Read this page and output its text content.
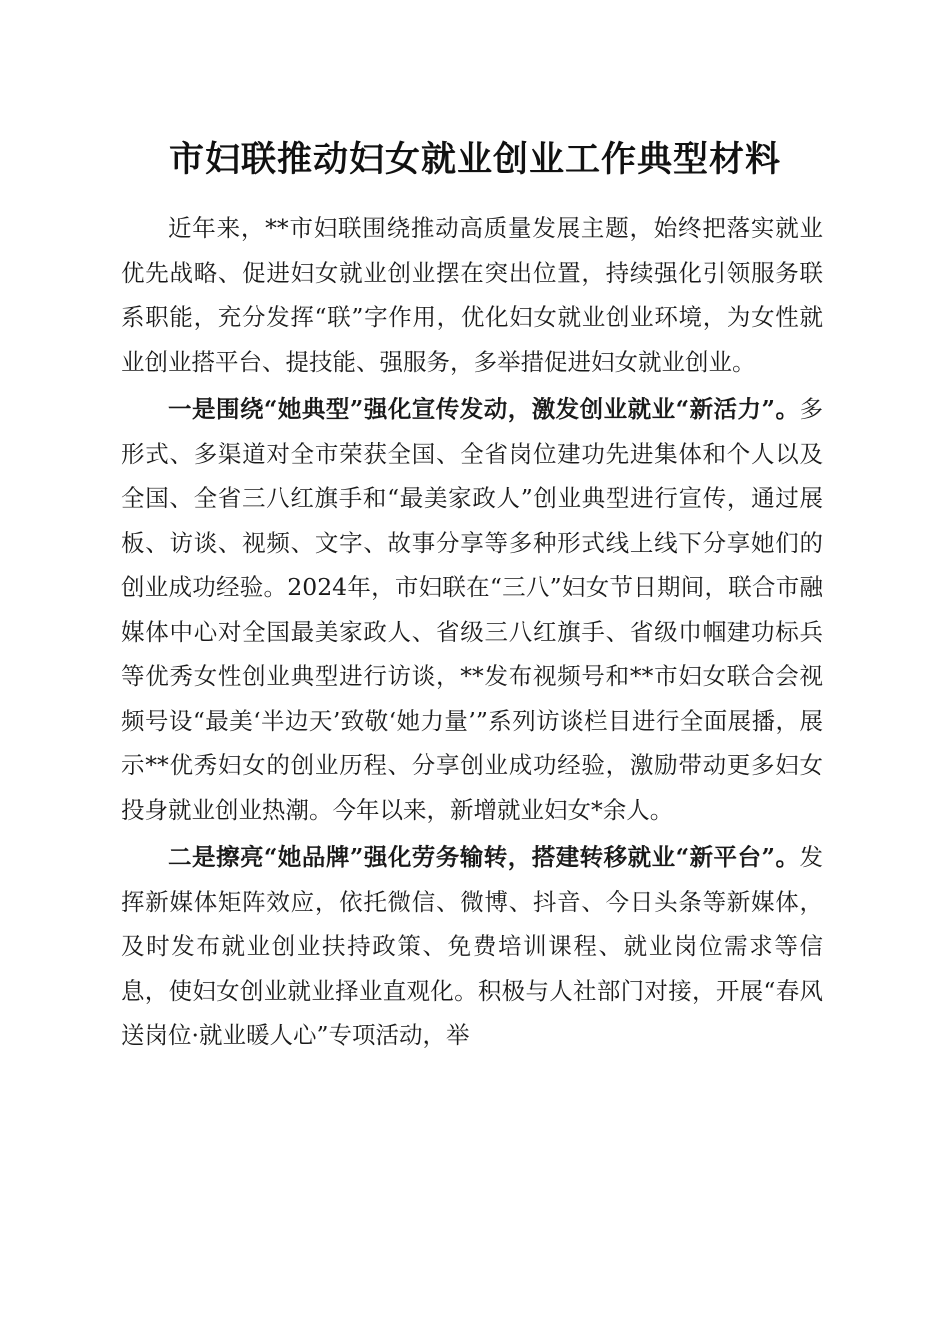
市妇联推动妇女就业创业工作典型材料

近年来，**市妇联围绕推动高质量发展主题，始终把落实就业优先战略、促进妇女就业创业摆在突出位置，持续强化引领服务联系职能，充分发挥“联”字作用，优化妇女就业创业环境，为女性就业创业搭平台、提技能、强服务，多举措促进妇女就业创业。

一是围绕“她典型”强化宣传发动，激发创业就业“新活力”。多形式、多渠道对全市荣获全国、全省岗位建功先进集体和个人以及全国、全省三八红旗手和“最美家政人”创业典型进行宣传，通过展板、访谈、视频、文字、故事分享等多种形式线上线下分享她们的创业成功经验。2024年，市妇联在“三八”妇女节日期间，联合市融媒体中心对全国最美家政人、省级三八红旗手、省级巾帼建功标兵等优秀女性创业典型进行访谈，**发布视频号和**市妇女联合会视频号设“最美‘半边天’致敬‘她力量’”系列访谈栏目进行全面展播，展示**优秀妇女的创业历程、分享创业成功经验，激励带动更多妇女投身就业创业热潮。今年以来，新增就业妇女*余人。

二是擦亮“她品牌”强化劳务输转，搭建转移就业“新平台”。发挥新媒体矩阵效应，依托微信、微博、抖音、今日头条等新媒体，及时发布就业创业扶持政策、免费培训课程、就业岗位需求等信息，使妇女创业就业择业直观化。积极与人社部门对接，开展“春风送岗位·就业暖人心”专项活动，举
